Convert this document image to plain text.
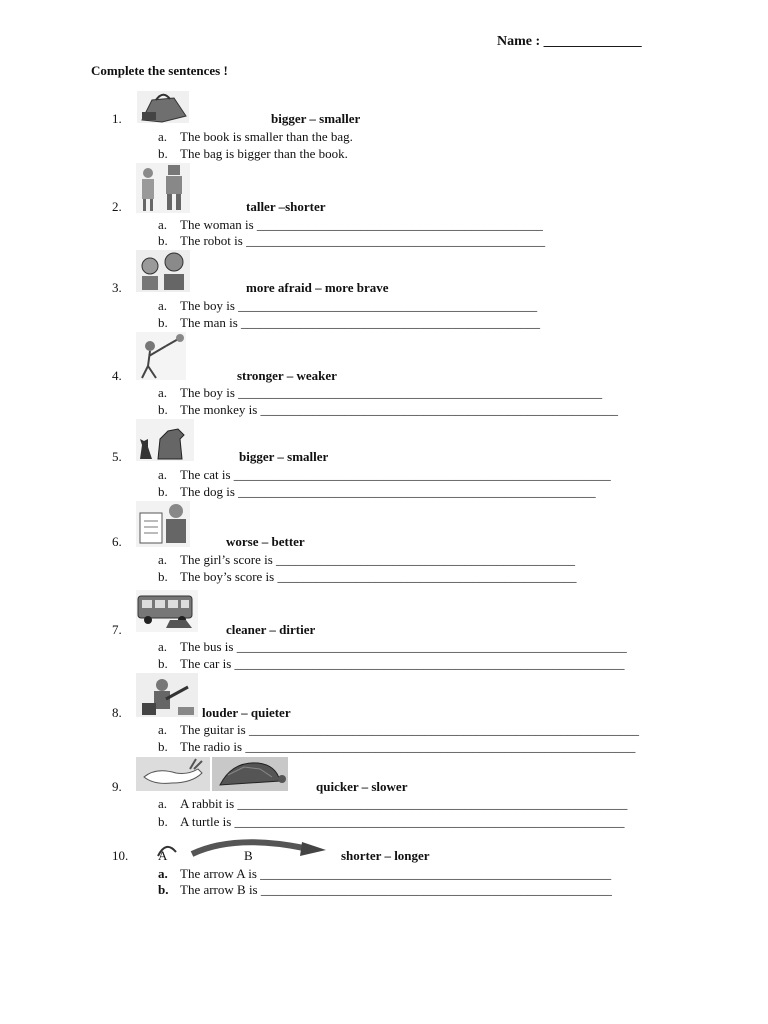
Name : ______________
Complete the sentences !
1.	bigger – smaller
a. The book is smaller than the bag.
b. The bag is bigger than the book.
2.	taller –shorter
a. The woman is ____________________________________________
b. The robot is ______________________________________________
3.	more afraid – more brave
a. The boy is ______________________________________________
b. The man is ______________________________________________
4.	stronger – weaker
a. The boy is ________________________________________________________
b. The monkey is _______________________________________________________
5.	bigger – smaller
a. The cat is __________________________________________________________
b. The dog is _______________________________________________________
6.	worse – better
a. The girl’s score is ______________________________________________
b. The boy’s score is ______________________________________________
7.	cleaner – dirtier
a. The bus is ____________________________________________________________
b. The car is ____________________________________________________________
8.	louder – quieter
a. The guitar is ____________________________________________________________
b. The radio is ____________________________________________________________
9.	quicker – slower
a. A rabbit is ____________________________________________________________
b. A turtle is ____________________________________________________________
10. A	B	shorter – longer
a. The arrow A is ______________________________________________________
b. The arrow B is ______________________________________________________
